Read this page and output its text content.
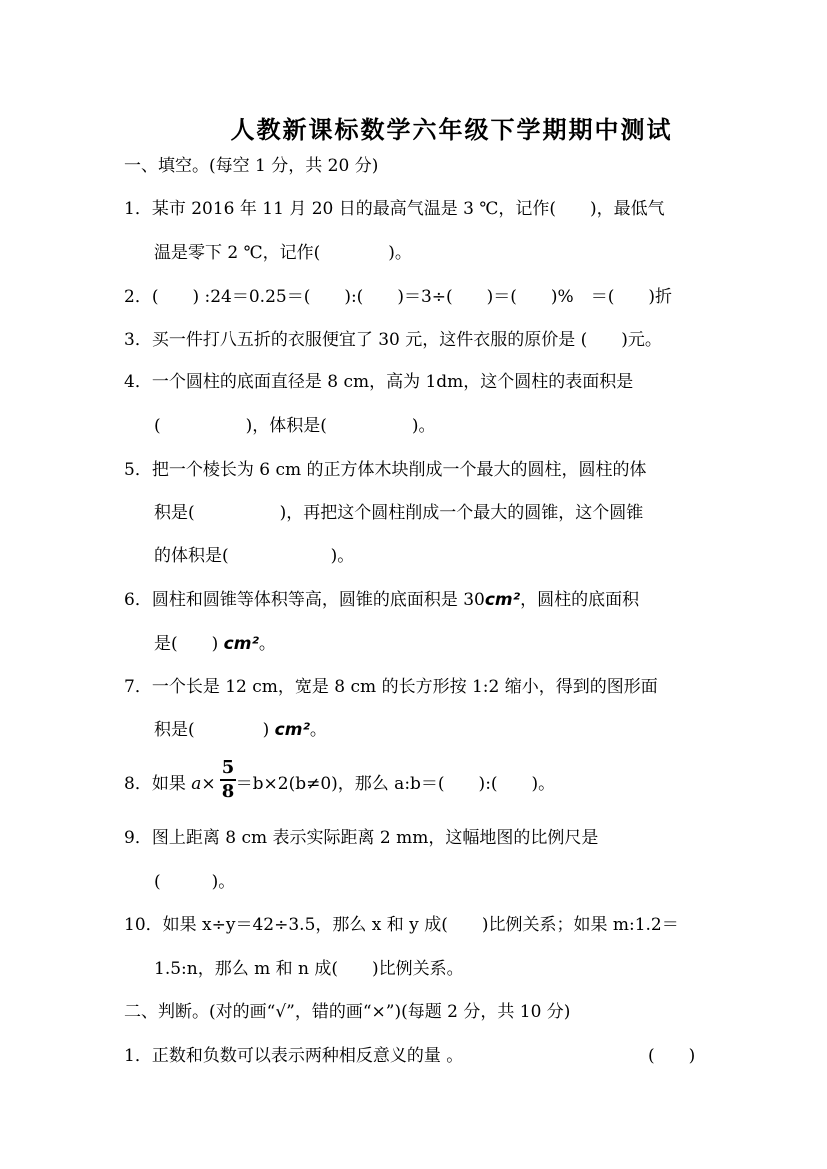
人教新课标数学六年级下学期期中测试
一、填空。(每空 1 分，共 20 分)
1．某市 2016 年 11 月 20 日的最高气温是 3 ℃，记作(　　)，最低气
温是零下 2 ℃，记作(　　　　)。
2．(　　) :24＝0.25＝(　　):(　　)＝3÷(　　)＝(　　)%　＝(　　)折
3．买一件打八五折的衣服便宜了 30 元，这件衣服的原价是 (　　)元。
4．一个圆柱的底面直径是 8 cm，高为 1dm，这个圆柱的表面积是
(　　　　　)，体积是(　　　　　)。
5．把一个棱长为 6 cm 的正方体木块削成一个最大的圆柱，圆柱的体
积是(　　　　　)，再把这个圆柱削成一个最大的圆锥，这个圆锥
的体积是(　　　　　　)。
6．圆柱和圆锥等体积等高，圆锥的底面积是 30cm²，圆柱的底面积
是(　　) cm²。
7．一个长是 12 cm，宽是 8 cm 的长方形按 1:2 缩小，得到的图形面
积是(　　　　) cm²。
8．如果 a× ＝b×2(b≠0)，那么 a:b＝(　　):(　　)。
5
8
9．图上距离 8 cm 表示实际距离 2 mm，这幅地图的比例尺是
(　　　)。
10．如果 x÷y＝42÷3.5，那么 x 和 y 成(　　)比例关系；如果 m:1.2＝
1.5:n，那么 m 和 n 成(　　)比例关系。
二、判断。(对的画“√”，错的画“×”)(每题 2 分，共 10 分)
1．正数和负数可以表示两种相反意义的量 。	(　　)
